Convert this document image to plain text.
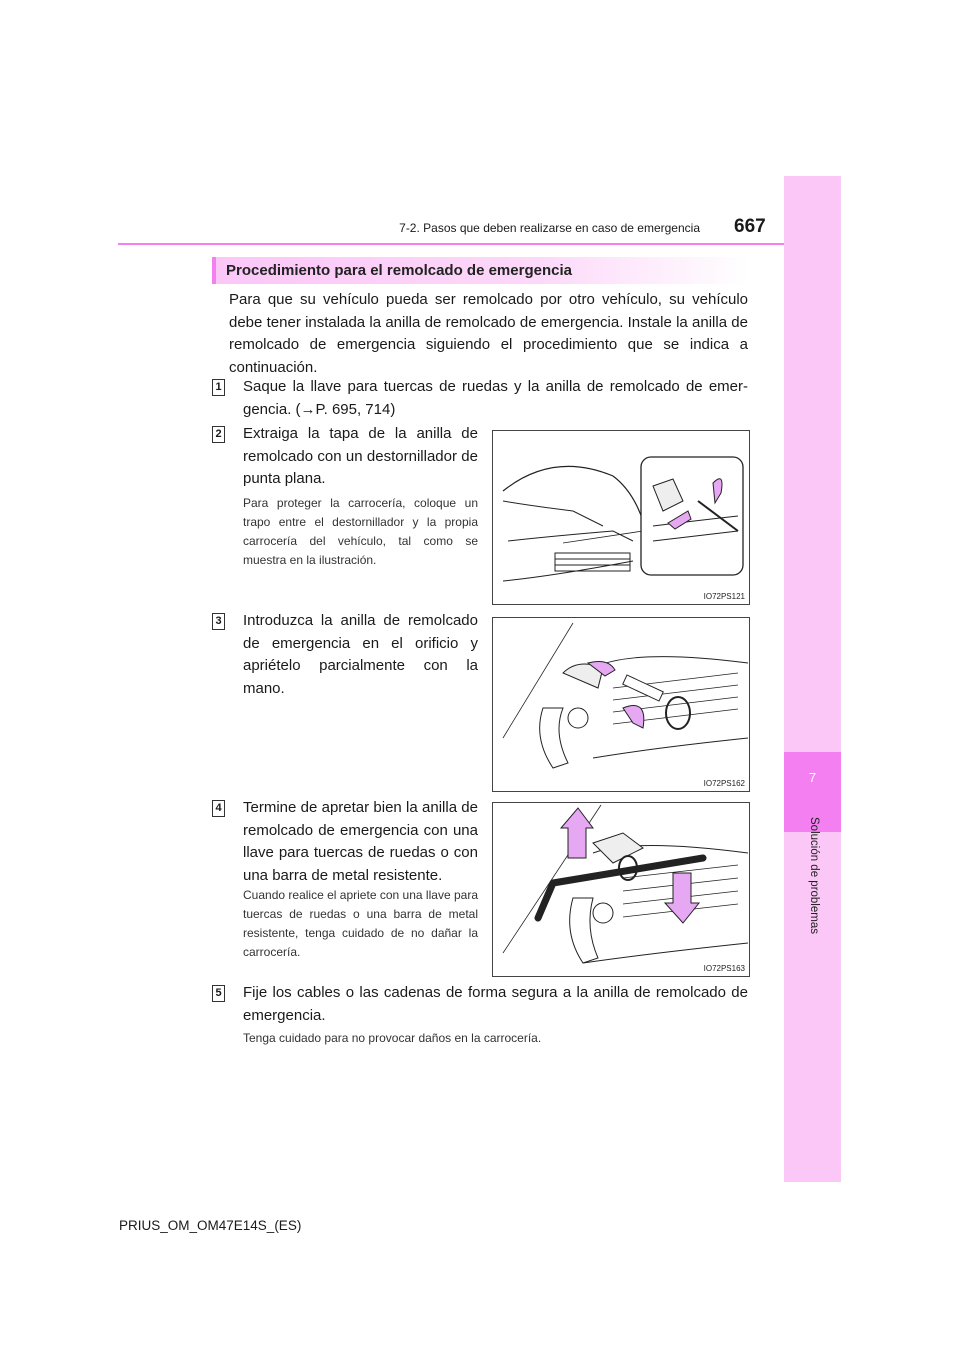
7
Solución de problemas
7-2. Pasos que deben realizarse en caso de emergencia 667
Procedimiento para el remolcado de emergencia
Para que su vehículo pueda ser remolcado por otro vehículo, su vehículo debe tener instalada la anilla de remolcado de emergencia. Instale la anilla de remolcado de emergencia siguiendo el procedimiento que se indica a continuación.
1 Saque la llave para tuercas de ruedas y la anilla de remolcado de emer-
gencia. (→P. 695, 714)
2 Extraiga la tapa de la anilla de remolcado con un destornillador de punta plana.
Para proteger la carrocería, coloque un trapo entre el destornillador y la propia carrocería del vehículo, tal como se muestra en la ilustración.
IO72PS121
3 Introduzca la anilla de remolcado de emergencia en el orificio y apriételo parcialmente con la mano.
IO72PS162
4 Termine de apretar bien la anilla de remolcado de emergencia con una llave para tuercas de ruedas o con una barra de metal resistente.
Cuando realice el apriete con una llave para tuercas de ruedas o una barra de metal resistente, tenga cuidado de no dañar la carrocería.
IO72PS163
5 Fije los cables o las cadenas de forma segura a la anilla de remolcado de emergencia.
Tenga cuidado para no provocar daños en la carrocería.
PRIUS_OM_OM47E14S_(ES)
